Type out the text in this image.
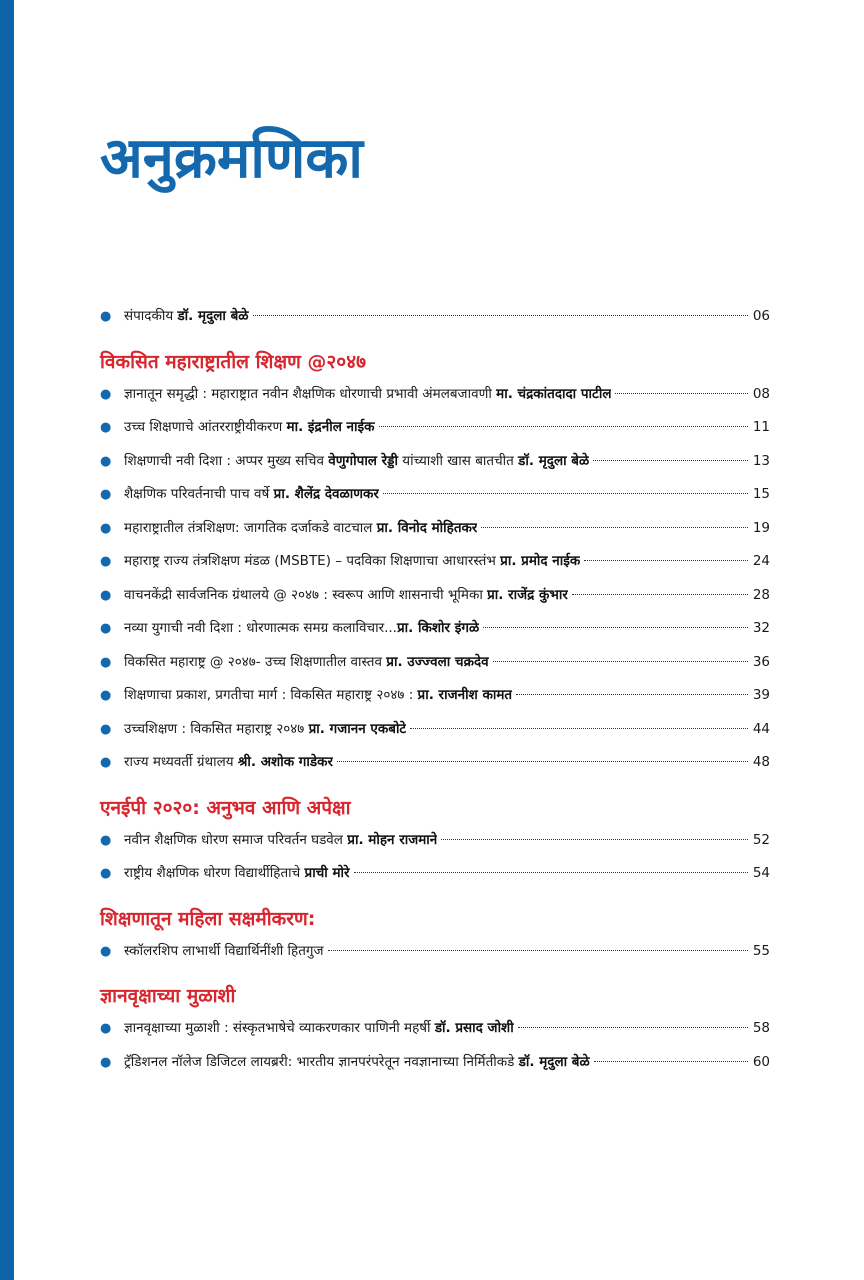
अनुक्रमणिका
● संपादकीय डॉ. मृदुला बेळे	06
विकसित महाराष्ट्रातील शिक्षण @२०४७
● ज्ञानातून समृद्धी : महाराष्ट्रात नवीन शैक्षणिक धोरणाची प्रभावी अंमलबजावणी मा. चंद्रकांतदादा पाटील	08
● उच्च शिक्षणाचे आंतरराष्ट्रीयीकरण मा. इंद्रनील नाईक	11
● शिक्षणाची नवी दिशा : अप्पर मुख्य सचिव वेणुगोपाल रेड्डी यांच्याशी खास बातचीत डॉ. मृदुला बेळे	13
● शैक्षणिक परिवर्तनाची पाच वर्षे प्रा. शैलेंद्र देवळाणकर	15
● महाराष्ट्रातील तंत्रशिक्षण: जागतिक दर्जाकडे वाटचाल प्रा. विनोद मोहितकर	19
● महाराष्ट्र राज्य तंत्रशिक्षण मंडळ (MSBTE) – पदविका शिक्षणाचा आधारस्तंभ प्रा. प्रमोद नाईक	24
● वाचनकेंद्री सार्वजनिक ग्रंथालये @ २०४७ : स्वरूप आणि शासनाची भूमिका प्रा. राजेंद्र कुंभार	28
● नव्या युगाची नवी दिशा : धोरणात्मक समग्र कलाविचार...प्रा. किशोर इंगळे	32
● विकसित महाराष्ट्र @ २०४७- उच्च शिक्षणातील वास्तव प्रा. उज्ज्वला चक्रदेव	36
● शिक्षणाचा प्रकाश, प्रगतीचा मार्ग : विकसित महाराष्ट्र २०४७ : प्रा. राजनीश कामत	39
● उच्चशिक्षण : विकसित महाराष्ट्र २०४७ प्रा. गजानन एकबोटे	44
● राज्य मध्यवर्ती ग्रंथालय श्री. अशोक गाडेकर	48
एनईपी २०२०: अनुभव आणि अपेक्षा
● नवीन शैक्षणिक धोरण समाज परिवर्तन घडवेल प्रा. मोहन राजमाने	52
● राष्ट्रीय शैक्षणिक धोरण विद्यार्थीहिताचे प्राची मोरे	54
शिक्षणातून महिला सक्षमीकरण:
● स्कॉलरशिप लाभार्थी विद्यार्थिनींशी हितगुज	55
ज्ञानवृक्षाच्या मुळाशी
● ज्ञानवृक्षाच्या मुळाशी : संस्कृतभाषेचे व्याकरणकार पाणिनी महर्षी डॉ. प्रसाद जोशी	58
● ट्रॅडिशनल नॉलेज डिजिटल लायब्ररी: भारतीय ज्ञानपरंपरेतून नवज्ञानाच्या निर्मितीकडे डॉ. मृदुला बेळे	60
